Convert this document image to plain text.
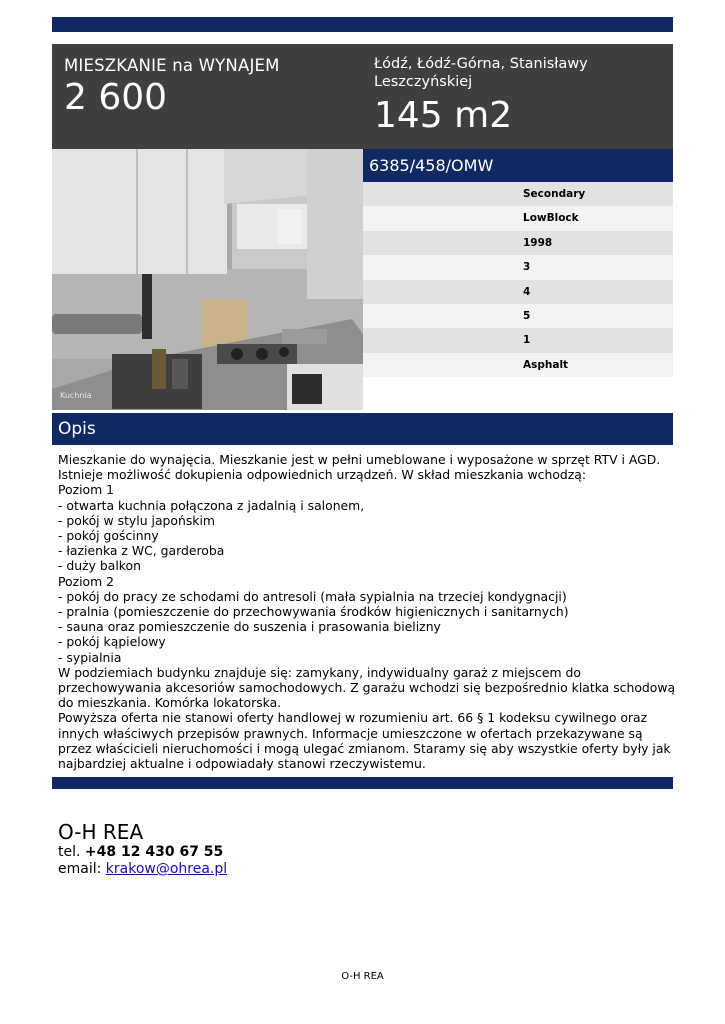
MIESZKANIE na WYNAJEM
2 600
Łódź, Łódź-Górna, Stanisławy Leszczyńskiej
145 m2
Kuchnia
6385/458/OMW
Secondary
LowBlock
1998
3
4
5
1
Asphalt
Opis
Mieszkanie do wynajęcia. Mieszkanie jest w pełni umeblowane i wyposażone w sprzęt RTV i AGD.
Istnieje możliwość dokupienia odpowiednich urządzeń. W skład mieszkania wchodzą:
Poziom 1
- otwarta kuchnia połączona z jadalnią i salonem,
- pokój w stylu japońskim
- pokój gościnny
- łazienka z WC, garderoba
- duży balkon
Poziom 2
- pokój do pracy ze schodami do antresoli (mała sypialnia na trzeciej kondygnacji)
- pralnia (pomieszczenie do przechowywania środków higienicznych i sanitarnych)
- sauna oraz pomieszczenie do suszenia i prasowania bielizny
- pokój kąpielowy
- sypialnia
W podziemiach budynku znajduje się: zamykany, indywidualny garaż z miejscem do
przechowywania akcesoriów samochodowych. Z garażu wchodzi się bezpośrednio klatka schodową
do mieszkania. Komórka lokatorska.
Powyższa oferta nie stanowi oferty handlowej w rozumieniu art. 66 § 1 kodeksu cywilnego oraz
innych właściwych przepisów prawnych. Informacje umieszczone w ofertach przekazywane są
przez właścicieli nieruchomości i mogą ulegać zmianom. Staramy się aby wszystkie oferty były jak
najbardziej aktualne i odpowiadały stanowi rzeczywistemu.
O-H REA
tel. +48 12 430 67 55
email: krakow@ohrea.pl
O-H REA
